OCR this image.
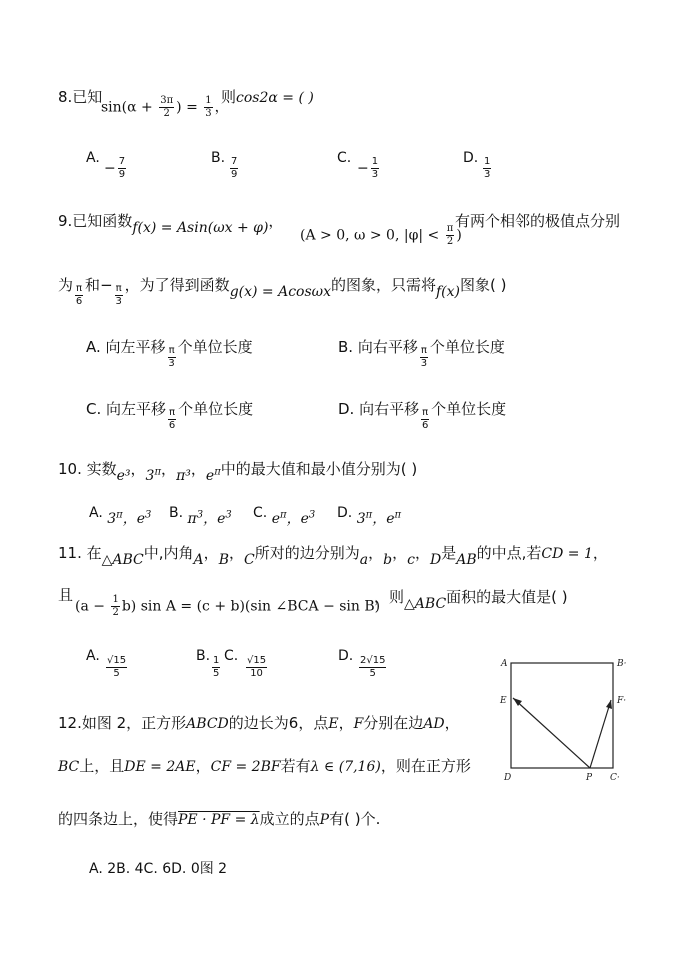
8.已知
$\sin(\alpha + \frac{3\pi}{2}$ ) = $\frac{1}{3}$ ，
则cos2α = ( )
A.
− $\frac{7}{9}$	B. $\frac{7}{9}$	C.
− $\frac{1}{3}$	D. $\frac{1}{3}$
9.已知函数f(x) = Asin(ωx + φ)，
(A > 0, ω > 0, $|\varphi| < \frac{\pi}{2}$ )
有两个相邻的极值点分别
为 $\frac{\pi}{6}$ 和− $\frac{\pi}{3}$ ，为了得到函数g(x) = Acosωx的图象，只需将f(x)图象( )
A. 向左平移 $\frac{\pi}{3}$ 个单位长度	B. 向右平移 $\frac{\pi}{3}$ 个单位长度
C. 向左平移 $\frac{\pi}{6}$ 个单位长度	D. 向右平移 $\frac{\pi}{6}$ 个单位长度
10. 实数e³，$3^\pi$，π³，$e^\pi$中的最大值和最小值分别为( )
A. $3^\pi$，$e^3$ B. $\pi^3$，$e^3$ C. $e^\pi$，$e^3$ D. $3^\pi$，$e^\pi$
11. 在△ABC中,内角A，B，C所对的边分别为a，b，c，D是AB的中点,若CD = 1，
且
$(a - \frac{1}{2} b)$ sin A = (c + b)(sin ∠BCA − sin B)
，则△ABC面积的最大值是( )
A. $\frac{√15}{5}$	B. $\frac{1}{5} C$. $\frac{√15}{10}$	D. $\frac{2√15}{5}$
12.如图 2，正方形ABCD的边长为6，点E，F分别在边AD，
BC上，且DE = 2AE，CF = 2BF若有λ ∈ (7,16)，则在正方形
的四条边上，使得PE · PF = λ成立的点P有( )个.
A. 2B. 4C. 6D. 0图 2
A	B·
E	F·
D	P C·
